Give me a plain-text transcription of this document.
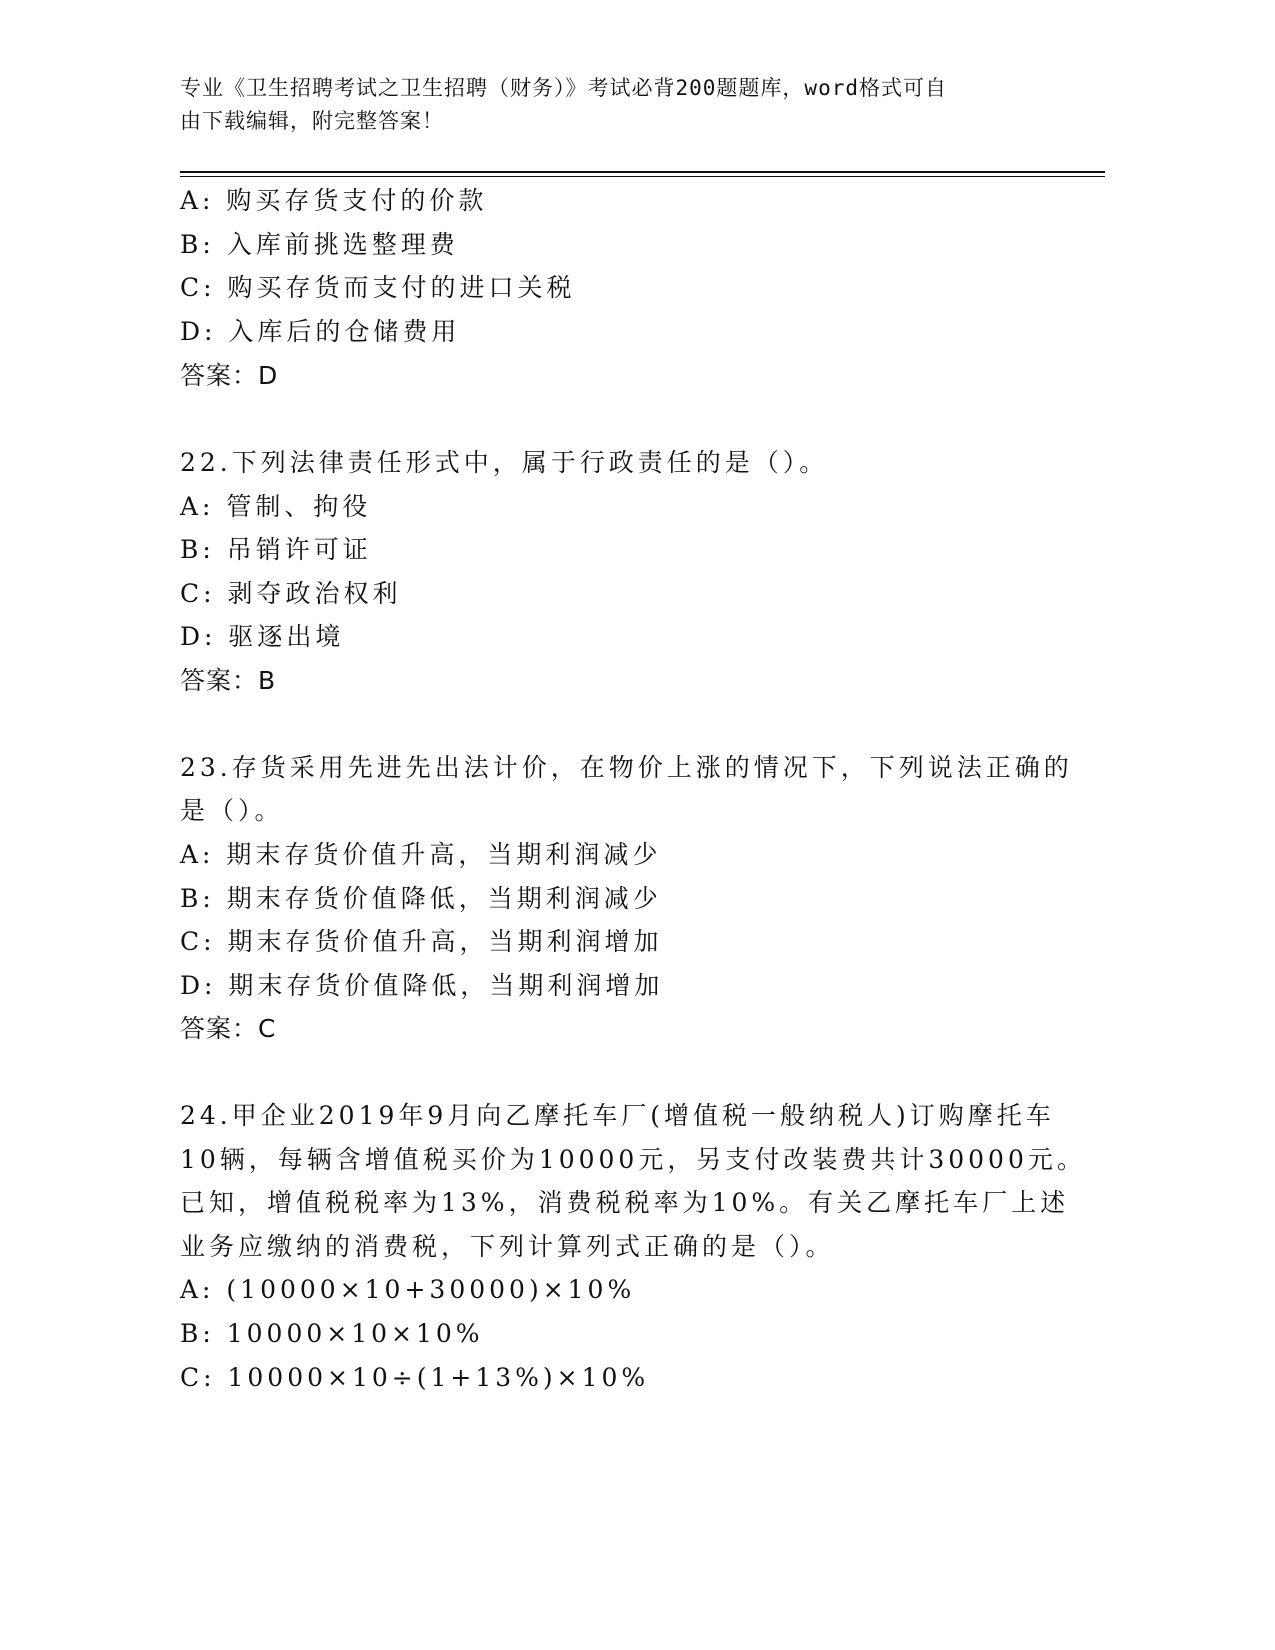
专业《卫生招聘考试之卫生招聘（财务）》考试必背200题题库，word格式可自
由下载编辑，附完整答案！
A: 购买存货支付的价款
B: 入库前挑选整理费
C: 购买存货而支付的进口关税
D: 入库后的仓储费用
答案：D
22.下列法律责任形式中，属于行政责任的是（）。
A: 管制、拘役
B: 吊销许可证
C: 剥夺政治权利
D: 驱逐出境
答案：B
23.存货采用先进先出法计价，在物价上涨的情况下，下列说法正确的
是（）。
A: 期末存货价值升高，当期利润减少
B: 期末存货价值降低，当期利润减少
C: 期末存货价值升高，当期利润增加
D: 期末存货价值降低，当期利润增加
答案：C
24.甲企业2019年9月向乙摩托车厂(增值税一般纳税人)订购摩托车
10辆，每辆含增值税买价为10000元，另支付改装费共计30000元。
已知，增值税税率为13%，消费税税率为10%。有关乙摩托车厂上述
业务应缴纳的消费税，下列计算列式正确的是（）。
A: (10000×10+30000)×10%
B: 10000×10×10%
C: 10000×10÷(1+13%)×10%
